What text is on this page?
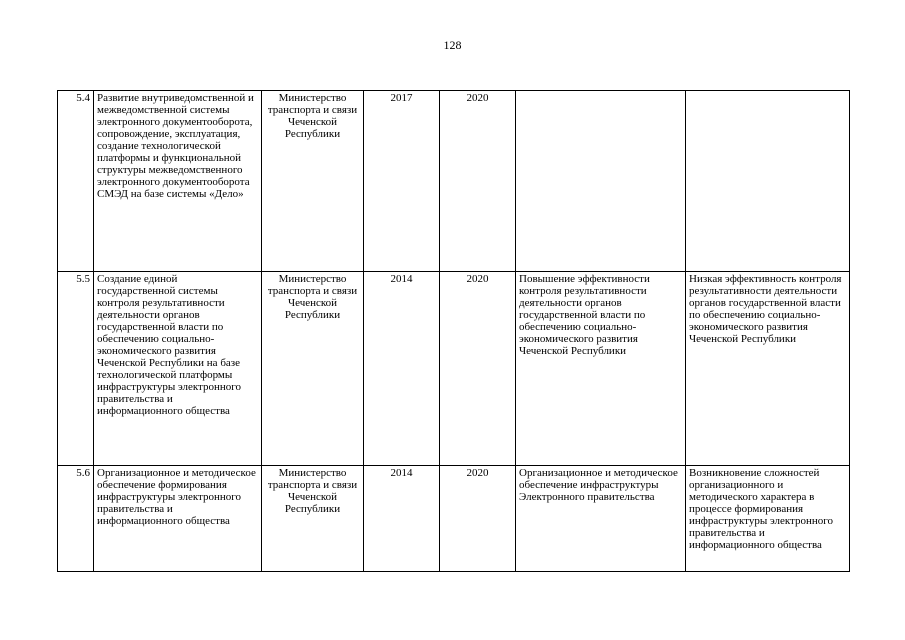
128
5.4	Развитие внутриведомственной и межведомственной системы электронного документооборота, сопровождение, эксплуатация, создание технологической платформы и функциональной структуры межведомственного электронного документооборота СМЭД на базе системы «Дело»	Министерство транспорта и связи Чеченской Республики	2017	2020		
5.5	Создание единой государственной системы контроля результативности деятельности органов государственной власти по обеспечению социально-экономического развития Чеченской Республики на базе технологической платформы инфраструктуры электронного правительства и информационного общества	Министерство транспорта и связи Чеченской Республики	2014	2020	Повышение эффективности контроля результативности деятельности органов государственной власти по обеспечению социально-экономического развития Чеченской Республики	Низкая эффективность контроля результативности деятельности органов государственной власти по обеспечению социально-экономического развития Чеченской Республики
5.6	Организационное и методическое обеспечение формирования инфраструктуры электронного правительства и информационного общества	Министерство транспорта и связи Чеченской Республики	2014	2020	Организационное и методическое обеспечение инфраструктуры Электронного правительства	Возникновение сложностей организационного и методического характера в процессе формирования инфраструктуры электронного правительства и информационного общества
